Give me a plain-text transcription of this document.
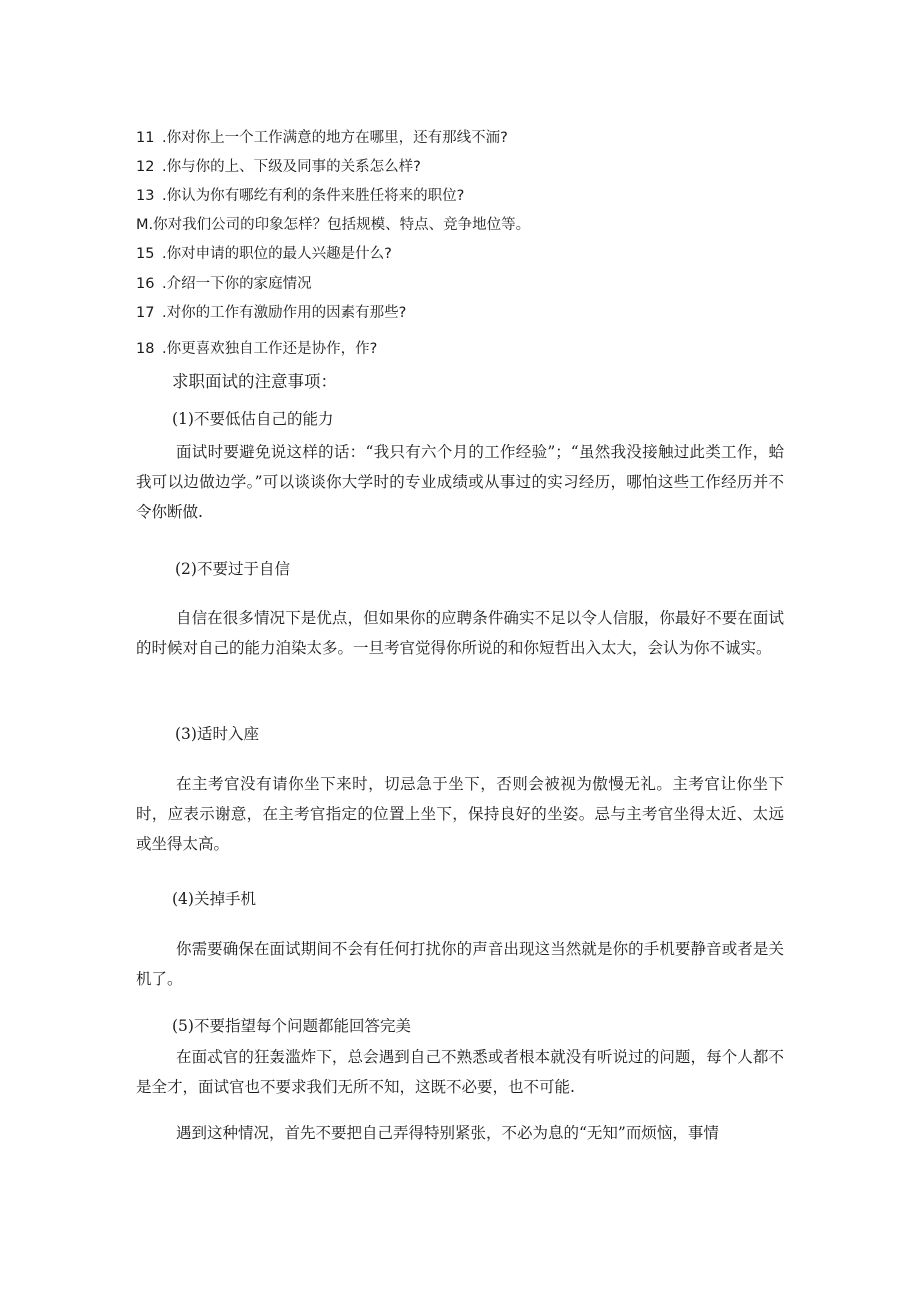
11 .你对你上一个工作满意的地方在哪里，还有那线不洏?
12 .你与你的上、下级及同事的关系怎么样?
13 .你认为你有哪纥有利的条件来胜任将来的职位?
M.你对我们公司的印象怎样？包括规模、特点、竞争地位等。
15 .你对申请的职位的最人兴趣是什么?
16 .介绍一下你的家庭情况
17 .对你的工作有激励作用的因素有那些?
18 .你更喜欢独自工作还是协作，作?
求职面试的注意事项：
(1)不要低估自己的能力

面试时要避免说这样的话：“我只有六个月的工作经验”；“虽然我没接触过此类工作，蛤我可以边做边学。”可以谈谈你大学时的专业成绩或从事过的实习经历，哪怕这些工作经历并不令你断做.

(2)不要过于自信

自信在很多情况下是优点，但如果你的应聘条件确实不足以令人信服，你最好不要在面试的时候对自己的能力洎染太多。一旦考官觉得你所说的和你短哲出入太大，会认为你不诚实。

(3)适时入座

在主考官没有请你坐下来时，切忌急于坐下，否则会被视为傲慢无礼。主考官让你坐下时，应表示谢意，在主考官指定的位置上坐下，保持良好的坐姿。忌与主考官坐得太近、太远或坐得太高。

(4)关掉手机

你需要确保在面试期间不会有任何打扰你的声音出现这当然就是你的手机要静音或者是关机了。

(5)不要指望每个问题都能回答完美

在面忒官的狂轰滥炸下，总会遇到自己不熟悉或者根本就没有听说过的问题，每个人都不是全才，面试官也不要求我们无所不知，这既不必要，也不可能.

遇到这种情况，首先不要把自己弄得特别紧张，不必为息的“无知”而烦恼，事情
